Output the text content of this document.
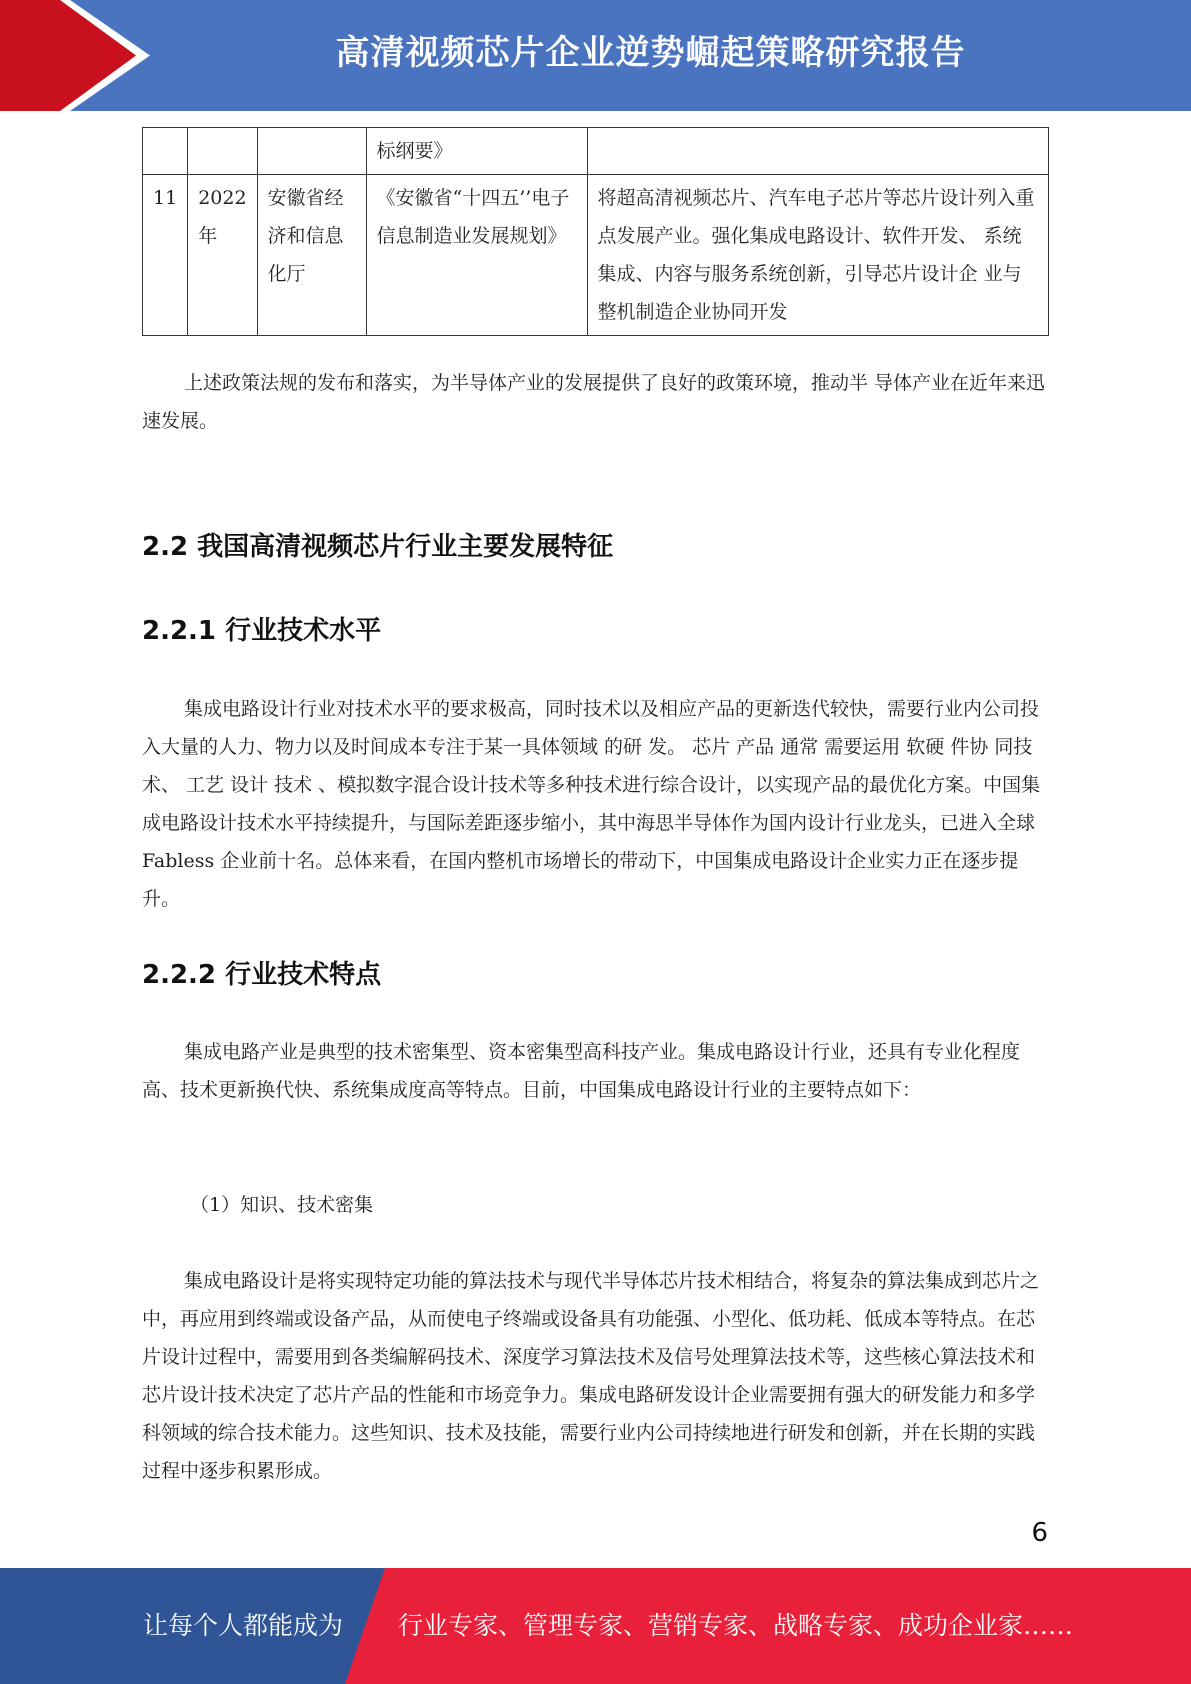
高清视频芯片企业逆势崛起策略研究报告
			标纲要》	
11	2022年	安徽省经济和信息化厅	《安徽省“十四五’’电子信息制造业发展规划》	将超高清视频芯片、汽车电子芯片等芯片设计列入重点发展产业。强化集成电路设计、软件开发、 系统集成、内容与服务系统创新，引导芯片设计企 业与整机制造企业协同开发

上述政策法规的发布和落实，为半导体产业的发展提供了良好的政策环境，推动半 导体产业在近年来迅速发展。

2.2 我国高清视频芯片行业主要发展特征
2.2.1 行业技术水平

集成电路设计行业对技术水平的要求极高，同时技术以及相应产品的更新迭代较快，需要行业内公司投入大量的人力、物力以及时间成本专注于某一具体领域 的研 发。 芯片 产品 通常 需要运用 软硬 件协 同技 术、 工艺 设计 技术 、模拟数字混合设计技术等多种技术进行综合设计，以实现产品的最优化方案。中国集成电路设计技术水平持续提升，与国际差距逐步缩小，其中海思半导体作为国内设计行业龙头，已进入全球 Fabless 企业前十名。总体来看，在国内整机市场增长的带动下，中国集成电路设计企业实力正在逐步提升。

2.2.2 行业技术特点

集成电路产业是典型的技术密集型、资本密集型高科技产业。集成电路设计行业，还具有专业化程度高、技术更新换代快、系统集成度高等特点。目前，中国集成电路设计行业的主要特点如下：

（1）知识、技术密集

集成电路设计是将实现特定功能的算法技术与现代半导体芯片技术相结合，将复杂的算法集成到芯片之中，再应用到终端或设备产品，从而使电子终端或设备具有功能强、小型化、低功耗、低成本等特点。在芯片设计过程中，需要用到各类编解码技术、深度学习算法技术及信号处理算法技术等，这些核心算法技术和芯片设计技术决定了芯片产品的性能和市场竞争力。集成电路研发设计企业需要拥有强大的研发能力和多学科领域的综合技术能力。这些知识、技术及技能，需要行业内公司持续地进行研发和创新，并在长期的实践过程中逐步积累形成。

6
让每个人都能成为 行业专家、管理专家、营销专家、战略专家、成功企业家……
